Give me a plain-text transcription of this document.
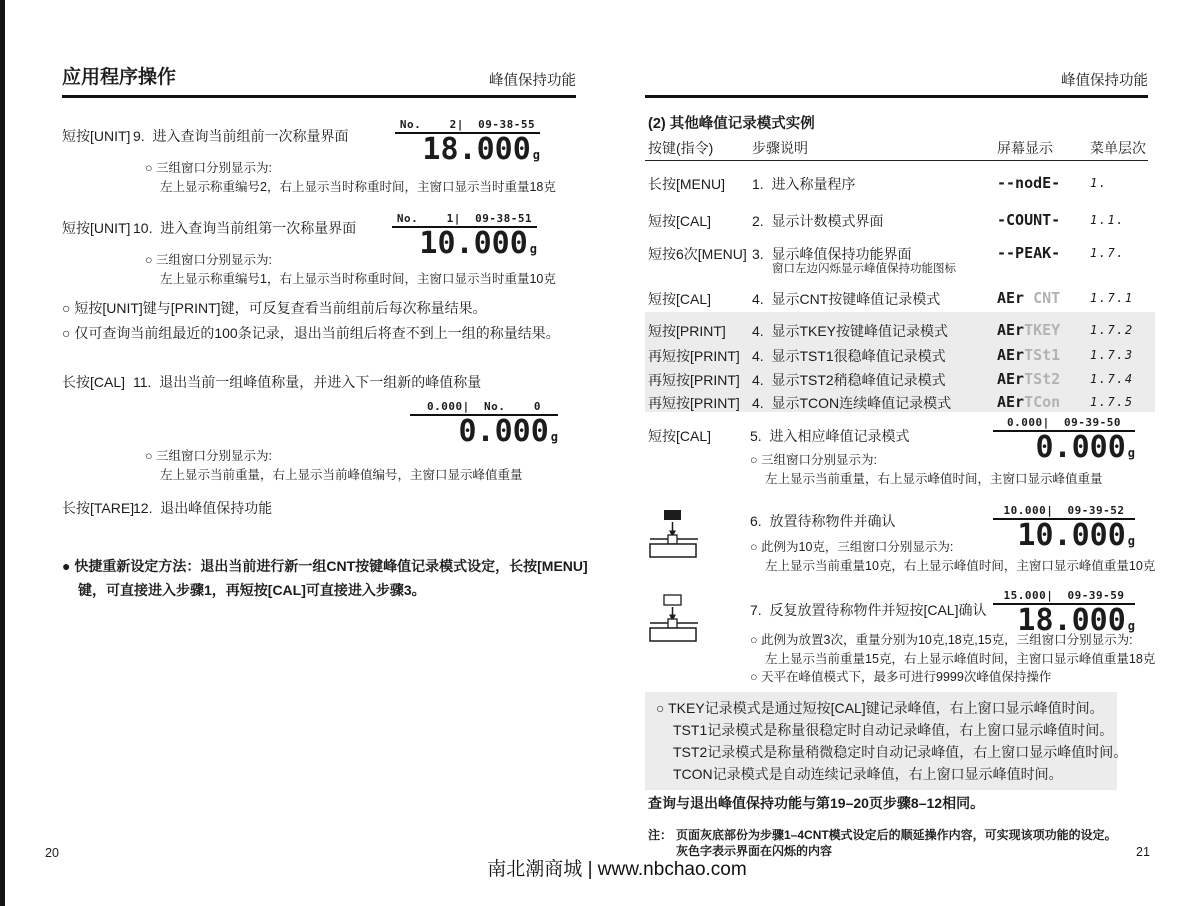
应用程序操作	峰值保持功能
短按[UNIT] 9.  进入查询当前组前一次称量界面
No.    2|  09-38-55
18.000 g
○ 三组窗口分别显示为:
左上显示称重编号2，右上显示当时称重时间，主窗口显示当时重量18克
短按[UNIT] 10.  进入查询当前组第一次称量界面
No.    1|  09-38-51
10.000 g
○ 三组窗口分别显示为:
左上显示称重编号1，右上显示当时称重时间，主窗口显示当时重量10克
○ 短按[UNIT]键与[PRINT]键，可反复查看当前组前后每次称量结果。
○ 仅可查询当前组最近的100条记录，退出当前组后将查不到上一组的称量结果。
长按[CAL] 11.  退出当前一组峰值称量，并进入下一组新的峰值称量
0.000|  No.    0
0.000 g
○ 三组窗口分别显示为:
左上显示当前重量，右上显示当前峰值编号，主窗口显示峰值重量
长按[TARE]
12.  退出峰值保持功能
● 快捷重新设定方法：退出当前进行新一组CNT按键峰值记录模式设定，长按[MENU]
键，可直接进入步骤1，再短按[CAL]可直接进入步骤3。
20
峰值保持功能
(2) 其他峰值记录模式实例
按键(指令)	步骤说明	屏幕显示	菜单层次
长按[MENU]	1.  进入称量程序	--nodE-	1.
短按[CAL]	2.  显示计数模式界面	-COUNT-	1.1.
短按6次[MENU] 3.  显示峰值保持功能界面	--PEAK-	1.7.
窗口左边闪烁显示峰值保持功能图标
短按[CAL]	4.  显示CNT按键峰值记录模式	AEr CNT	1.7.1
短按[PRINT]	4.  显示TKEY按键峰值记录模式	AErTKEY	1.7.2
再短按[PRINT] 4.  显示TST1很稳峰值记录模式	AErTSt1	1.7.3
再短按[PRINT] 4.  显示TST2稍稳峰值记录模式	AErTSt2	1.7.4
再短按[PRINT] 4.  显示TCON连续峰值记录模式	AErTCon	1.7.5
短按[CAL]	5.  进入相应峰值记录模式
0.000|  09-39-50
0.000 g
○ 三组窗口分别显示为:
左上显示当前重量，右上显示峰值时间，主窗口显示峰值重量
6.  放置待称物件并确认
10.000|  09-39-52
10.000 g
○ 此例为10克，三组窗口分别显示为:
左上显示当前重量10克，右上显示峰值时间，主窗口显示峰值重量10克
7.  反复放置待称物件并短按[CAL]确认
15.000|  09-39-59
18.000 g
○ 此例为放置3次，重量分别为10克,18克,15克，三组窗口分别显示为:
左上显示当前重量15克，右上显示峰值时间，主窗口显示峰值重量18克
○ 天平在峰值模式下，最多可进行9999次峰值保持操作
○ TKEY记录模式是通过短按[CAL]键记录峰值，右上窗口显示峰值时间。
TST1记录模式是称量很稳定时自动记录峰值，右上窗口显示峰值时间。
TST2记录模式是称量稍微稳定时自动记录峰值，右上窗口显示峰值时间。
TCON记录模式是自动连续记录峰值，右上窗口显示峰值时间。
查询与退出峰值保持功能与第19–20页步骤8–12相同。
注： 页面灰底部份为步骤1–4CNT模式设定后的顺延操作内容，可实现该项功能的设定。
灰色字表示界面在闪烁的内容	21
南北潮商城 | www.nbchao.com
